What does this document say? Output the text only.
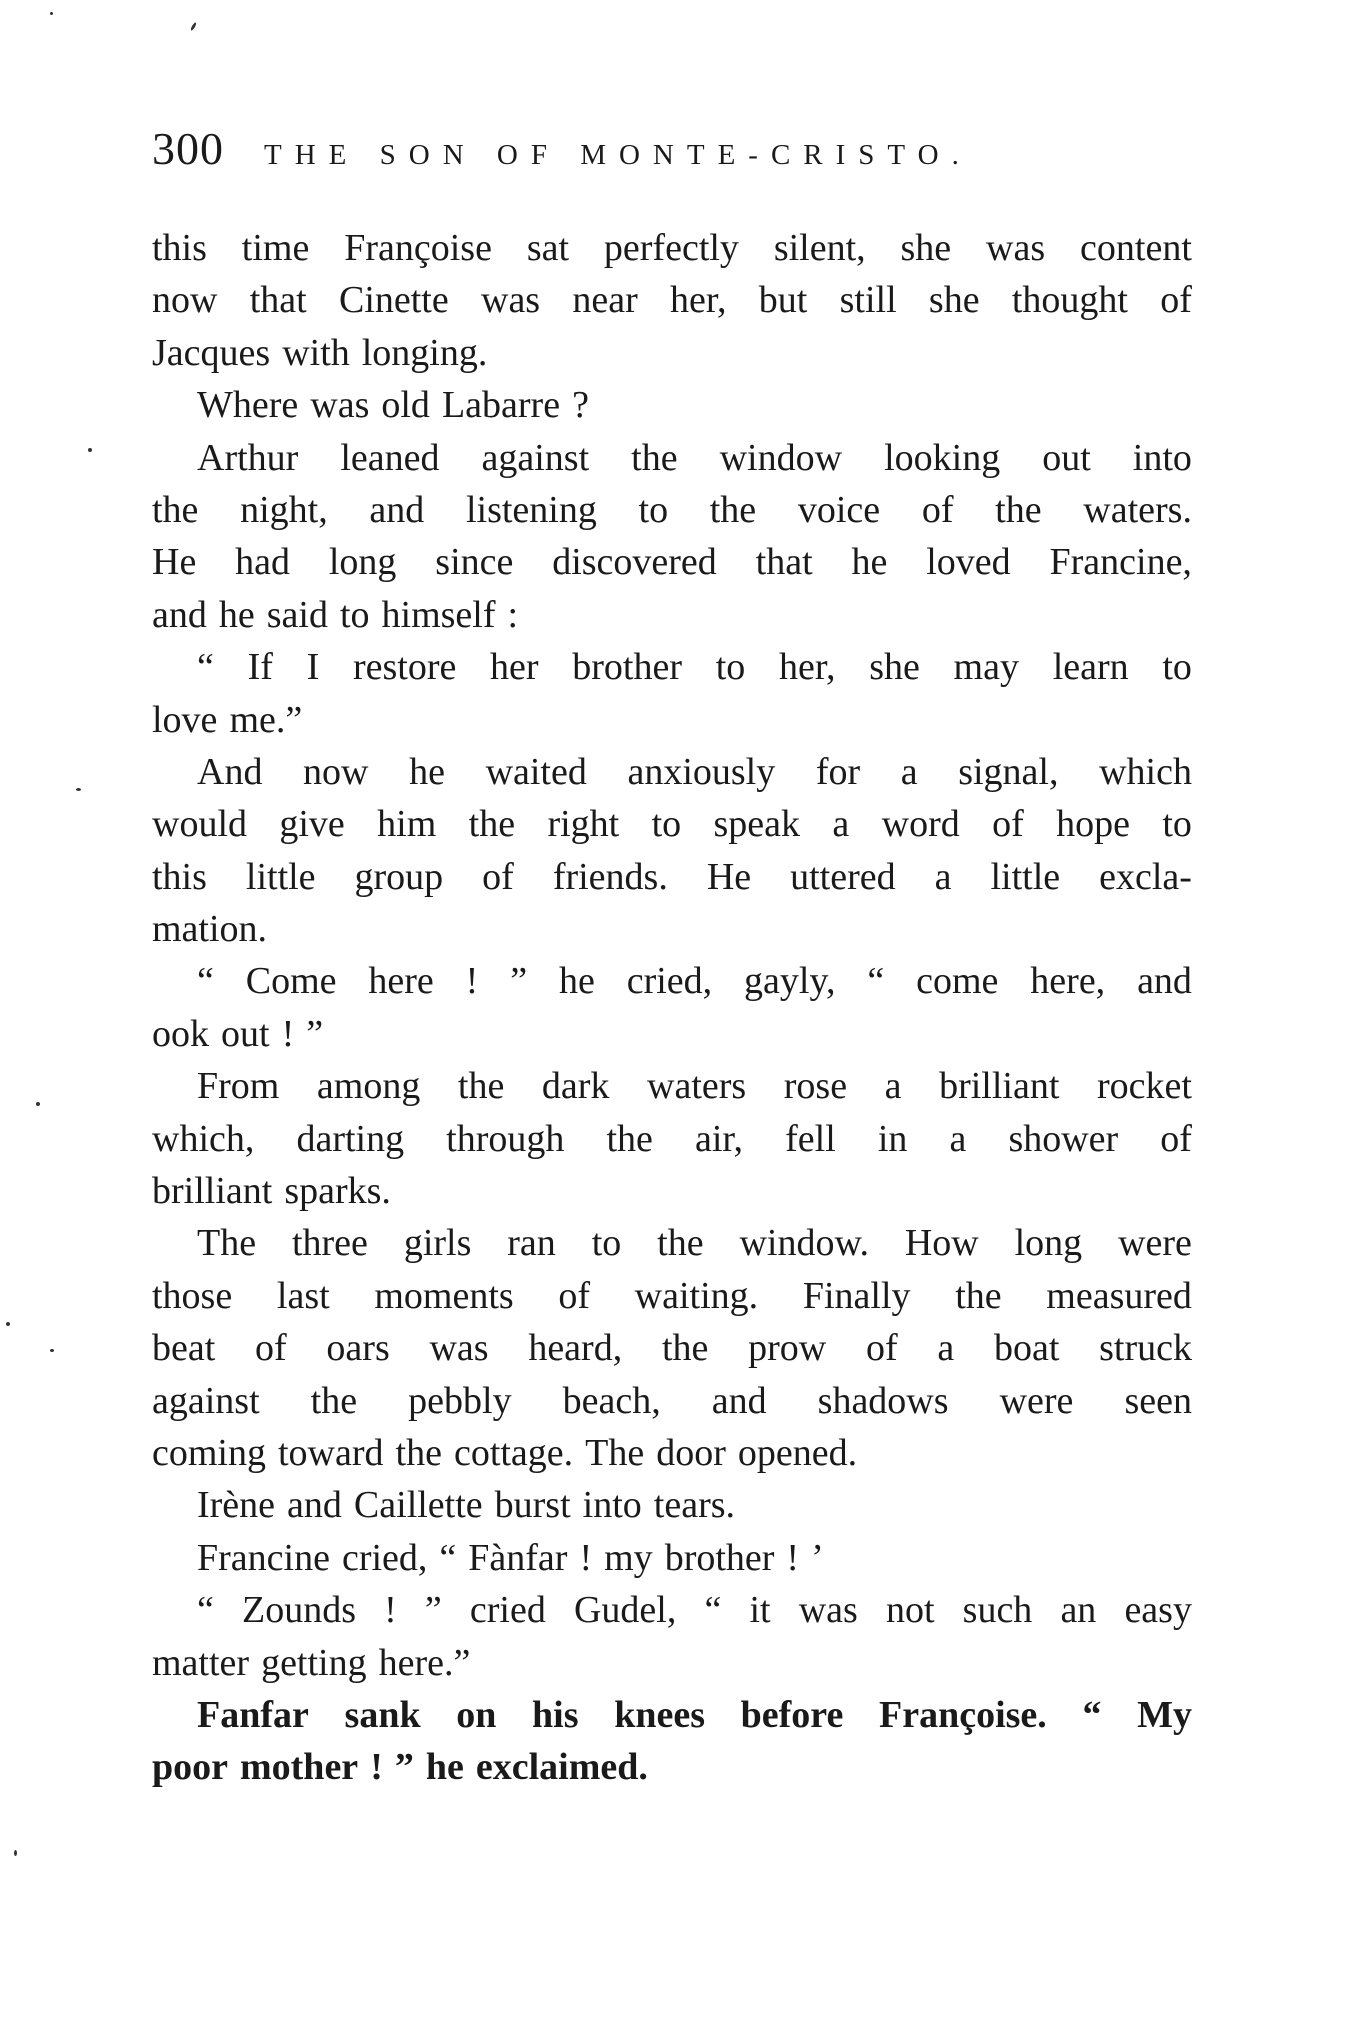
300 THE SON OF MONTE-CRISTO.
this time Françoise sat perfectly silent, she was content
now that Cinette was near her, but still she thought of
Jacques with longing.
Where was old Labarre ?
Arthur leaned against the window looking out into
the night, and listening to the voice of the waters.
He had long since discovered that he loved Francine,
and he said to himself :
“ If I restore her brother to her, she may learn to
love me.”
And now he waited anxiously for a signal, which
would give him the right to speak a word of hope to
this little group of friends. He uttered a little excla-
mation.
“ Come here ! ” he cried, gayly, “ come here, and
ook out ! ”
From among the dark waters rose a brilliant rocket
which, darting through the air, fell in a shower of
brilliant sparks.
The three girls ran to the window. How long were
those last moments of waiting. Finally the measured
beat of oars was heard, the prow of a boat struck
against the pebbly beach, and shadows were seen
coming toward the cottage. The door opened.
Irène and Caillette burst into tears.
Francine cried, “ Fànfar ! my brother ! ’
“ Zounds ! ” cried Gudel, “ it was not such an easy
matter getting here.”
Fanfar sank on his knees before Françoise. “ My
poor mother ! ” he exclaimed.
